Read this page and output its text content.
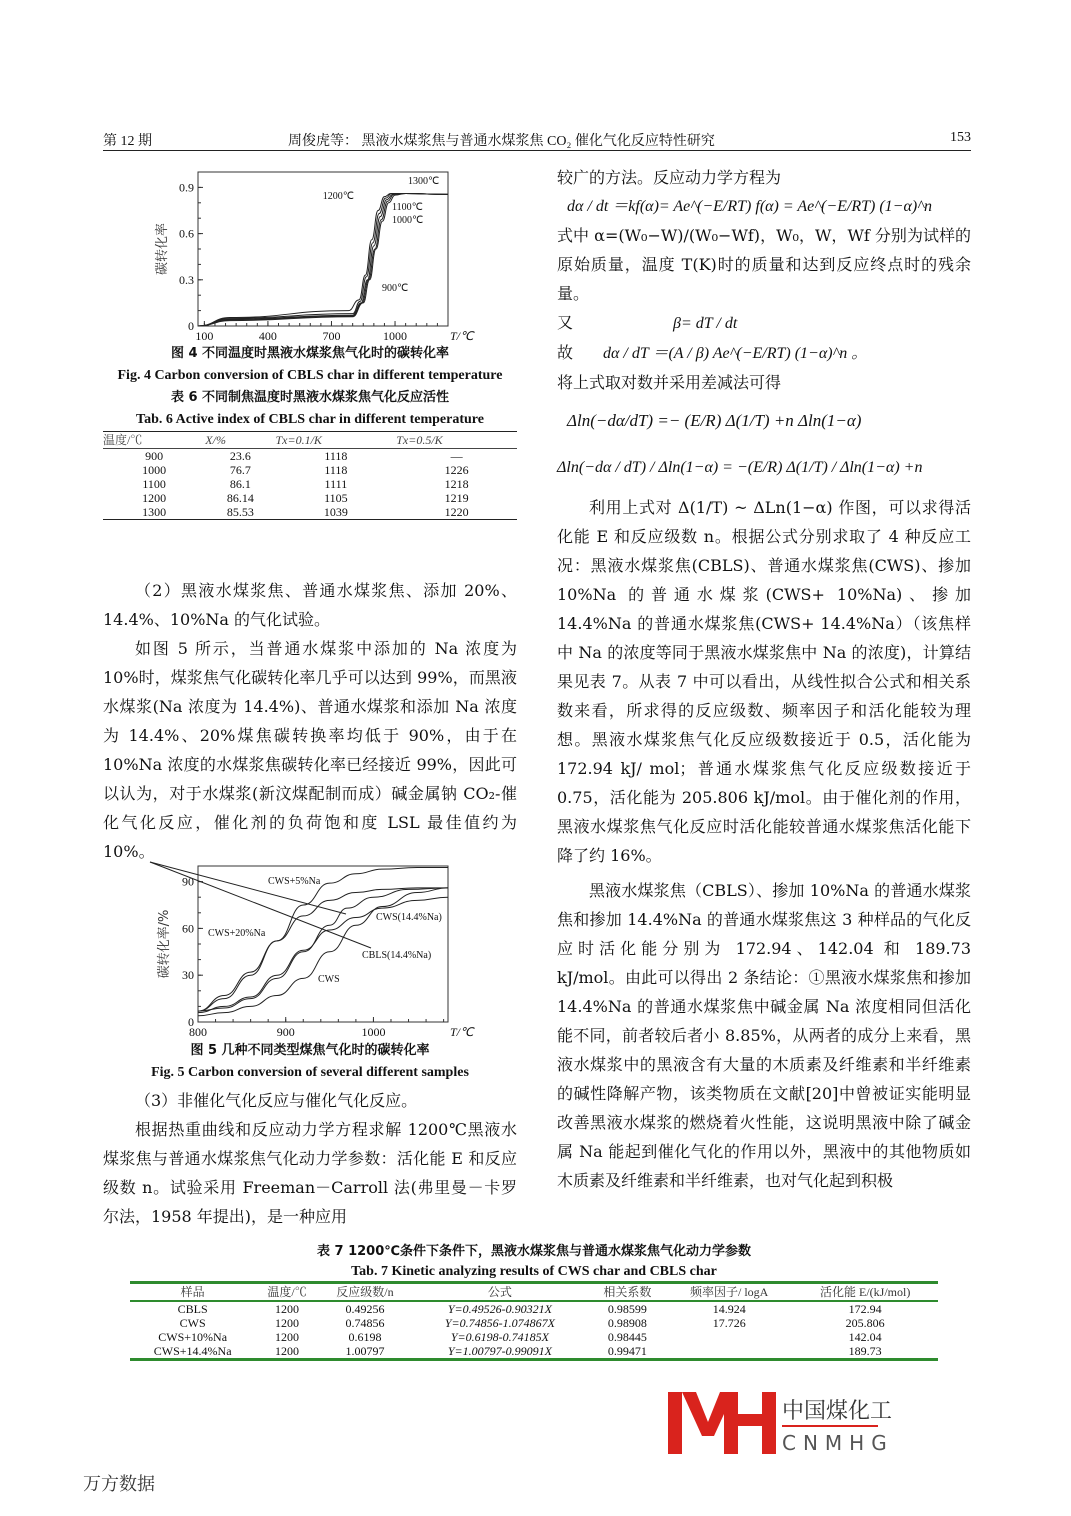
第 12 期	周俊虎等： 黑液水煤浆焦与普通水煤浆焦 CO₂ 催化气化反应特性研究	153
100	400	700	1000
0
0.3
0.6
0.9
T/℃
碳转化率
900℃
1000℃
1100℃
1200℃
1300℃
图 4 不同温度时黑液水煤浆焦气化时的碳转化率
Fig. 4 Carbon conversion of CBLS char in different temperature
表 6 不同制焦温度时黑液水煤浆焦气化反应活性
Tab. 6 Active index of CBLS char in different temperature
温度/℃	X/%	Tx=0.1/K	Tx=0.5/K
900	23.6	1118	—
1000	76.7	1118	1226
1100	86.1	1111	1218
1200	86.14	1105	1219
1300	85.53	1039	1220

（2）黑液水煤浆焦、普通水煤浆焦、添加 20%、14.4%、10%Na 的气化试验。

如图 5 所示，当普通水煤浆中添加的 Na 浓度为 10%时，煤浆焦气化碳转化率几乎可以达到 99%，而黑液水煤浆(Na 浓度为 14.4%)、普通水煤浆和添加 Na 浓度为 14.4%、20%煤焦碳转换率均低于 90%，由于在 10%Na 浓度的水煤浆焦碳转化率已经接近 99%，因此可以认为，对于水煤浆(新汶煤配制而成）碱金属钠 CO₂-催化气化反应，催化剂的负荷饱和度 LSL 最佳值约为 10%。

800	900	1000
0
30
60
90
T/℃
碳转化率/%
CWS+5%Na
CWS+20%Na
CBLS(14.4%Na)
CWS(14.4%Na)
CWS
图 5 几种不同类型煤焦气化时的碳转化率
Fig. 5 Carbon conversion of several different samples

（3）非催化气化反应与催化气化反应。

根据热重曲线和反应动力学方程求解 1200℃黑液水煤浆焦与普通水煤浆焦气化动力学参数：活化能 E 和反应级数 n。试验采用 Freeman－Carroll 法(弗里曼－卡罗尔法，1958 年提出)，是一种应用

较广的方法。反应动力学方程为

dα / dt ＝kf(α)= Ae^(−E/RT) f(α) = Ae^(−E/RT) (1−α)^n

式中 α=(W₀−W)/(W₀−Wf)，W₀，W，Wf 分别为试样的原始质量，温度 T(K)时的质量和达到反应终点时的残余量。

又	β= dT / dt

故 dα / dT ＝(A / β) Ae^(−E/RT) (1−α)^n 。

将上式取对数并采用差减法可得

Δln(−dα/dT) =− (E/R) Δ(1/T) +n Δln(1−α)

Δln(−dα / dT) / Δln(1−α) = −(E/R) Δ(1/T) / Δln(1−α) +n

利用上式对 Δ(1/T) ~ ΔLn(1−α) 作图，可以求得活化能 E 和反应级数 n。根据公式分别求取了 4 种反应工况：黑液水煤浆焦(CBLS)、普通水煤浆焦(CWS)、掺加 10%Na 的普通水煤浆(CWS+ 10%Na)、掺加 14.4%Na 的普通水煤浆焦(CWS+ 14.4%Na）（该焦样中 Na 的浓度等同于黑液水煤浆焦中 Na 的浓度)，计算结果见表 7。从表 7 中可以看出，从线性拟合公式和相关系数来看，所求得的反应级数、频率因子和活化能较为理想。黑液水煤浆焦气化反应级数接近于 0.5，活化能为 172.94 kJ/ mol；普通水煤浆焦气化反应级数接近于 0.75，活化能为 205.806 kJ/mol。由于催化剂的作用，黑液水煤浆焦气化反应时活化能较普通水煤浆焦活化能下降了约 16%。

黑液水煤浆焦（CBLS）、掺加 10%Na 的普通水煤浆焦和掺加 14.4%Na 的普通水煤浆焦这 3 种样品的气化反应时活化能分别为 172.94、142.04 和 189.73 kJ/mol。由此可以得出 2 条结论：①黑液水煤浆焦和掺加 14.4%Na 的普通水煤浆焦中碱金属 Na 浓度相同但活化能不同，前者较后者小 8.85%，从两者的成分上来看，黑液水煤浆中的黑液含有大量的木质素及纤维素和半纤维素的碱性降解产物，该类物质在文献[20]中曾被证实能明显改善黑液水煤浆的燃烧着火性能，这说明黑液中除了碱金属 Na 能起到催化气化的作用以外，黑液中的其他物质如木质素及纤维素和半纤维素，也对气化起到积极

表 7 1200℃条件下条件下，黑液水煤浆焦与普通水煤浆焦气化动力学参数
Tab. 7 Kinetic analyzing results of CWS char and CBLS char
样品	温度/℃	反应级数/n	公式	相关系数	频率因子/ logA	活化能 E/(kJ/mol)
CBLS	1200	0.49256	Y=0.49526-0.90321X	0.98599	14.924	172.94
CWS	1200	0.74856	Y=0.74856-1.074867X	0.98908	17.726	205.806
CWS+10%Na	1200	0.6198	Y=0.6198-0.74185X	0.98445		142.04
CWS+14.4%Na	1200	1.00797	Y=1.00797-0.99091X	0.99471		189.73
中国煤化工
CNMHG
万方数据
